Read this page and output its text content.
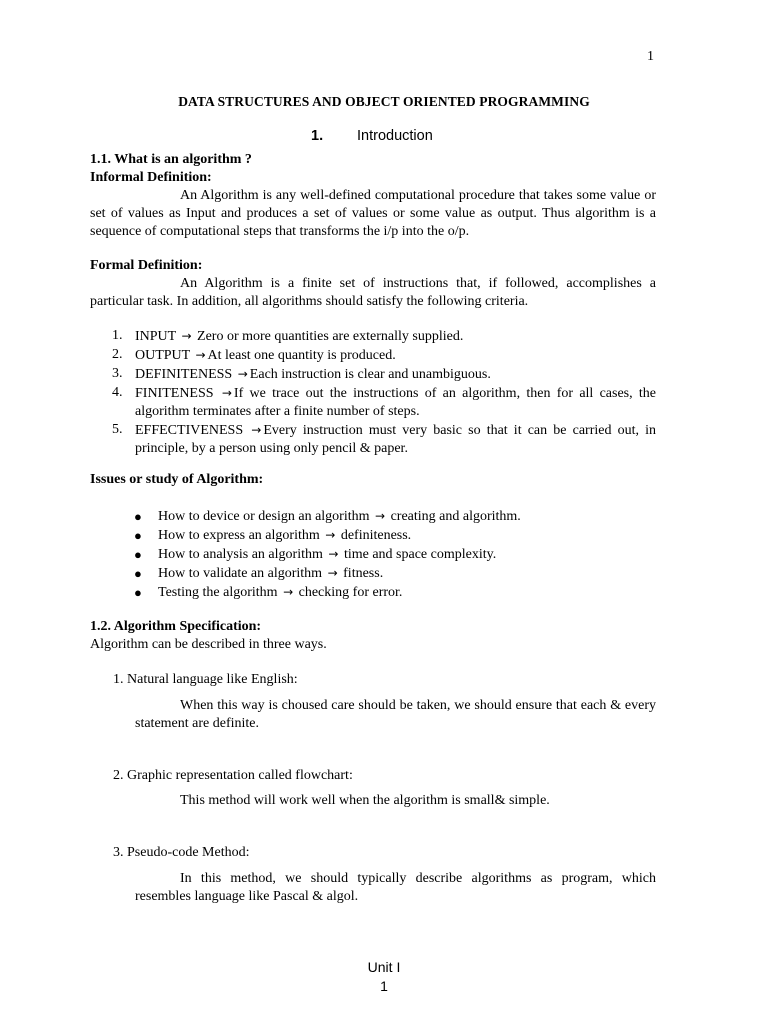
1
DATA STRUCTURES AND OBJECT ORIENTED PROGRAMMING
1. Introduction
1.1. What is an algorithm ?
Informal Definition:
An Algorithm is any well-defined computational procedure that takes some value or set of values as Input and produces a set of values or some value as output. Thus algorithm is a sequence of computational steps that transforms the i/p into the o/p.
Formal Definition:
An Algorithm is a finite set of instructions that, if followed, accomplishes a particular task. In addition, all algorithms should satisfy the following criteria.
1. INPUT → Zero or more quantities are externally supplied.
2. OUTPUT → At least one quantity is produced.
3. DEFINITENESS → Each instruction is clear and unambiguous.
4. FINITENESS → If we trace out the instructions of an algorithm, then for all cases, the algorithm terminates after a finite number of steps.
5. EFFECTIVENESS → Every instruction must very basic so that it can be carried out, in principle, by a person using only pencil & paper.
Issues or study of Algorithm:
● How to device or design an algorithm → creating and algorithm.
● How to express an algorithm → definiteness.
● How to analysis an algorithm → time and space complexity.
● How to validate an algorithm → fitness.
● Testing the algorithm → checking for error.
1.2. Algorithm Specification:
Algorithm can be described in three ways.
1. Natural language like English:
When this way is choused care should be taken, we should ensure that each & every statement are definite.
2. Graphic representation called flowchart:
This method will work well when the algorithm is small& simple.
3. Pseudo-code Method:
In this method, we should typically describe algorithms as program, which resembles language like Pascal & algol.
Unit I
1
